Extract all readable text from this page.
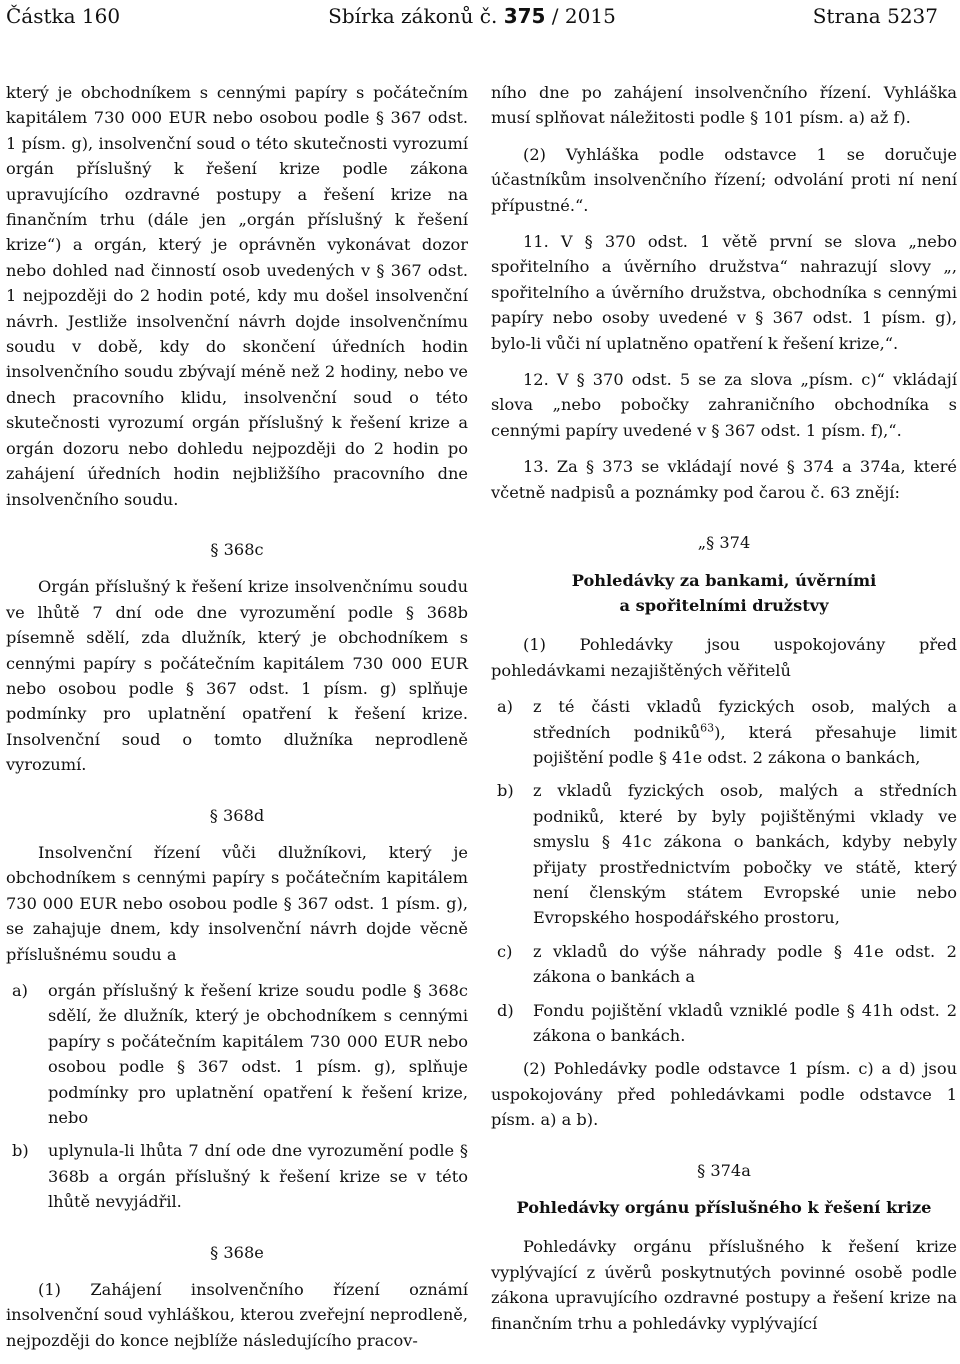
Částka 160	Sbírka zákonů č. 375 / 2015	Strana 5237

který je obchodníkem s cennými papíry s počátečním kapitálem 730 000 EUR nebo osobou podle § 367 odst. 1 písm. g), insolvenční soud o této skutečnosti vyrozumí orgán příslušný k řešení krize podle zákona upravujícího ozdravné postupy a řešení krize na finančním trhu (dále jen „orgán příslušný k řešení krize“) a orgán, který je oprávněn vykonávat dozor nebo dohled nad činností osob uvedených v § 367 odst. 1 nejpozději do 2 hodin poté, kdy mu došel insolvenční návrh. Jestliže insolvenční návrh dojde insolvenčnímu soudu v době, kdy do skončení úředních hodin insolvenčního soudu zbývají méně než 2 hodiny, nebo ve dnech pracovního klidu, insolvenční soud o této skutečnosti vyrozumí orgán příslušný k řešení krize a orgán dozoru nebo dohledu nejpozději do 2 hodin po zahájení úředních hodin nejbližšího pracovního dne insolvenčního soudu.

§ 368c

Orgán příslušný k řešení krize insolvenčnímu soudu ve lhůtě 7 dní ode dne vyrozumění podle § 368b písemně sdělí, zda dlužník, který je obchodníkem s cennými papíry s počátečním kapitálem 730 000 EUR nebo osobou podle § 367 odst. 1 písm. g) splňuje podmínky pro uplatnění opatření k řešení krize. Insolvenční soud o tomto dlužníka neprodleně vyrozumí.

§ 368d

Insolvenční řízení vůči dlužníkovi, který je obchodníkem s cennými papíry s počátečním kapitálem 730 000 EUR nebo osobou podle § 367 odst. 1 písm. g), se zahajuje dnem, kdy insolvenční návrh dojde věcně příslušnému soudu a

a)	orgán příslušný k řešení krize soudu podle § 368c sdělí, že dlužník, který je obchodníkem s cennými papíry s počátečním kapitálem 730 000 EUR nebo osobou podle § 367 odst. 1 písm. g), splňuje podmínky pro uplatnění opatření k řešení krize, nebo
b)	uplynula-li lhůta 7 dní ode dne vyrozumění podle § 368b a orgán příslušný k řešení krize se v této lhůtě nevyjádřil.
§ 368e

(1) Zahájení insolvenčního řízení oznámí insolvenční soud vyhláškou, kterou zveřejní neprodleně, nejpozději do konce nejblíže následujícího pracov-

ního dne po zahájení insolvenčního řízení. Vyhláška musí splňovat náležitosti podle § 101 písm. a) až f).

(2) Vyhláška podle odstavce 1 se doručuje účastníkům insolvenčního řízení; odvolání proti ní není přípustné.“.

11. V § 370 odst. 1 větě první se slova „nebo spořitelního a úvěrního družstva“ nahrazují slovy „, spořitelního a úvěrního družstva, obchodníka s cennými papíry nebo osoby uvedené v § 367 odst. 1 písm. g), bylo-li vůči ní uplatněno opatření k řešení krize,“.

12. V § 370 odst. 5 se za slova „písm. c)“ vkládají slova „nebo pobočky zahraničního obchodníka s cennými papíry uvedené v § 367 odst. 1 písm. f),“.

13. Za § 373 se vkládají nové § 374 a 374a, které včetně nadpisů a poznámky pod čarou č. 63 znějí:

„§ 374
Pohledávky za bankami, úvěrními
a spořitelními družstvy

(1) Pohledávky jsou uspokojovány před pohledávkami nezajištěných věřitelů

a)	z té části vkladů fyzických osob, malých a středních podniků$^{63}$), která přesahuje limit pojištění podle § 41e odst. 2 zákona o bankách,
b)	z vkladů fyzických osob, malých a středních podniků, které by byly pojištěnými vklady ve smyslu § 41c zákona o bankách, kdyby nebyly přijaty prostřednictvím pobočky ve státě, který není členským státem Evropské unie nebo Evropského hospodářského prostoru,
c)	z vkladů do výše náhrady podle § 41e odst. 2 zákona o bankách a
d)	Fondu pojištění vkladů vzniklé podle § 41h odst. 2 zákona o bankách.

(2) Pohledávky podle odstavce 1 písm. c) a d) jsou uspokojovány před pohledávkami podle odstavce 1 písm. a) a b).

§ 374a
Pohledávky orgánu příslušného k řešení krize

Pohledávky orgánu příslušného k řešení krize vyplývající z úvěrů poskytnutých povinné osobě podle zákona upravujícího ozdravné postupy a řešení krize na finančním trhu a pohledávky vyplývající
